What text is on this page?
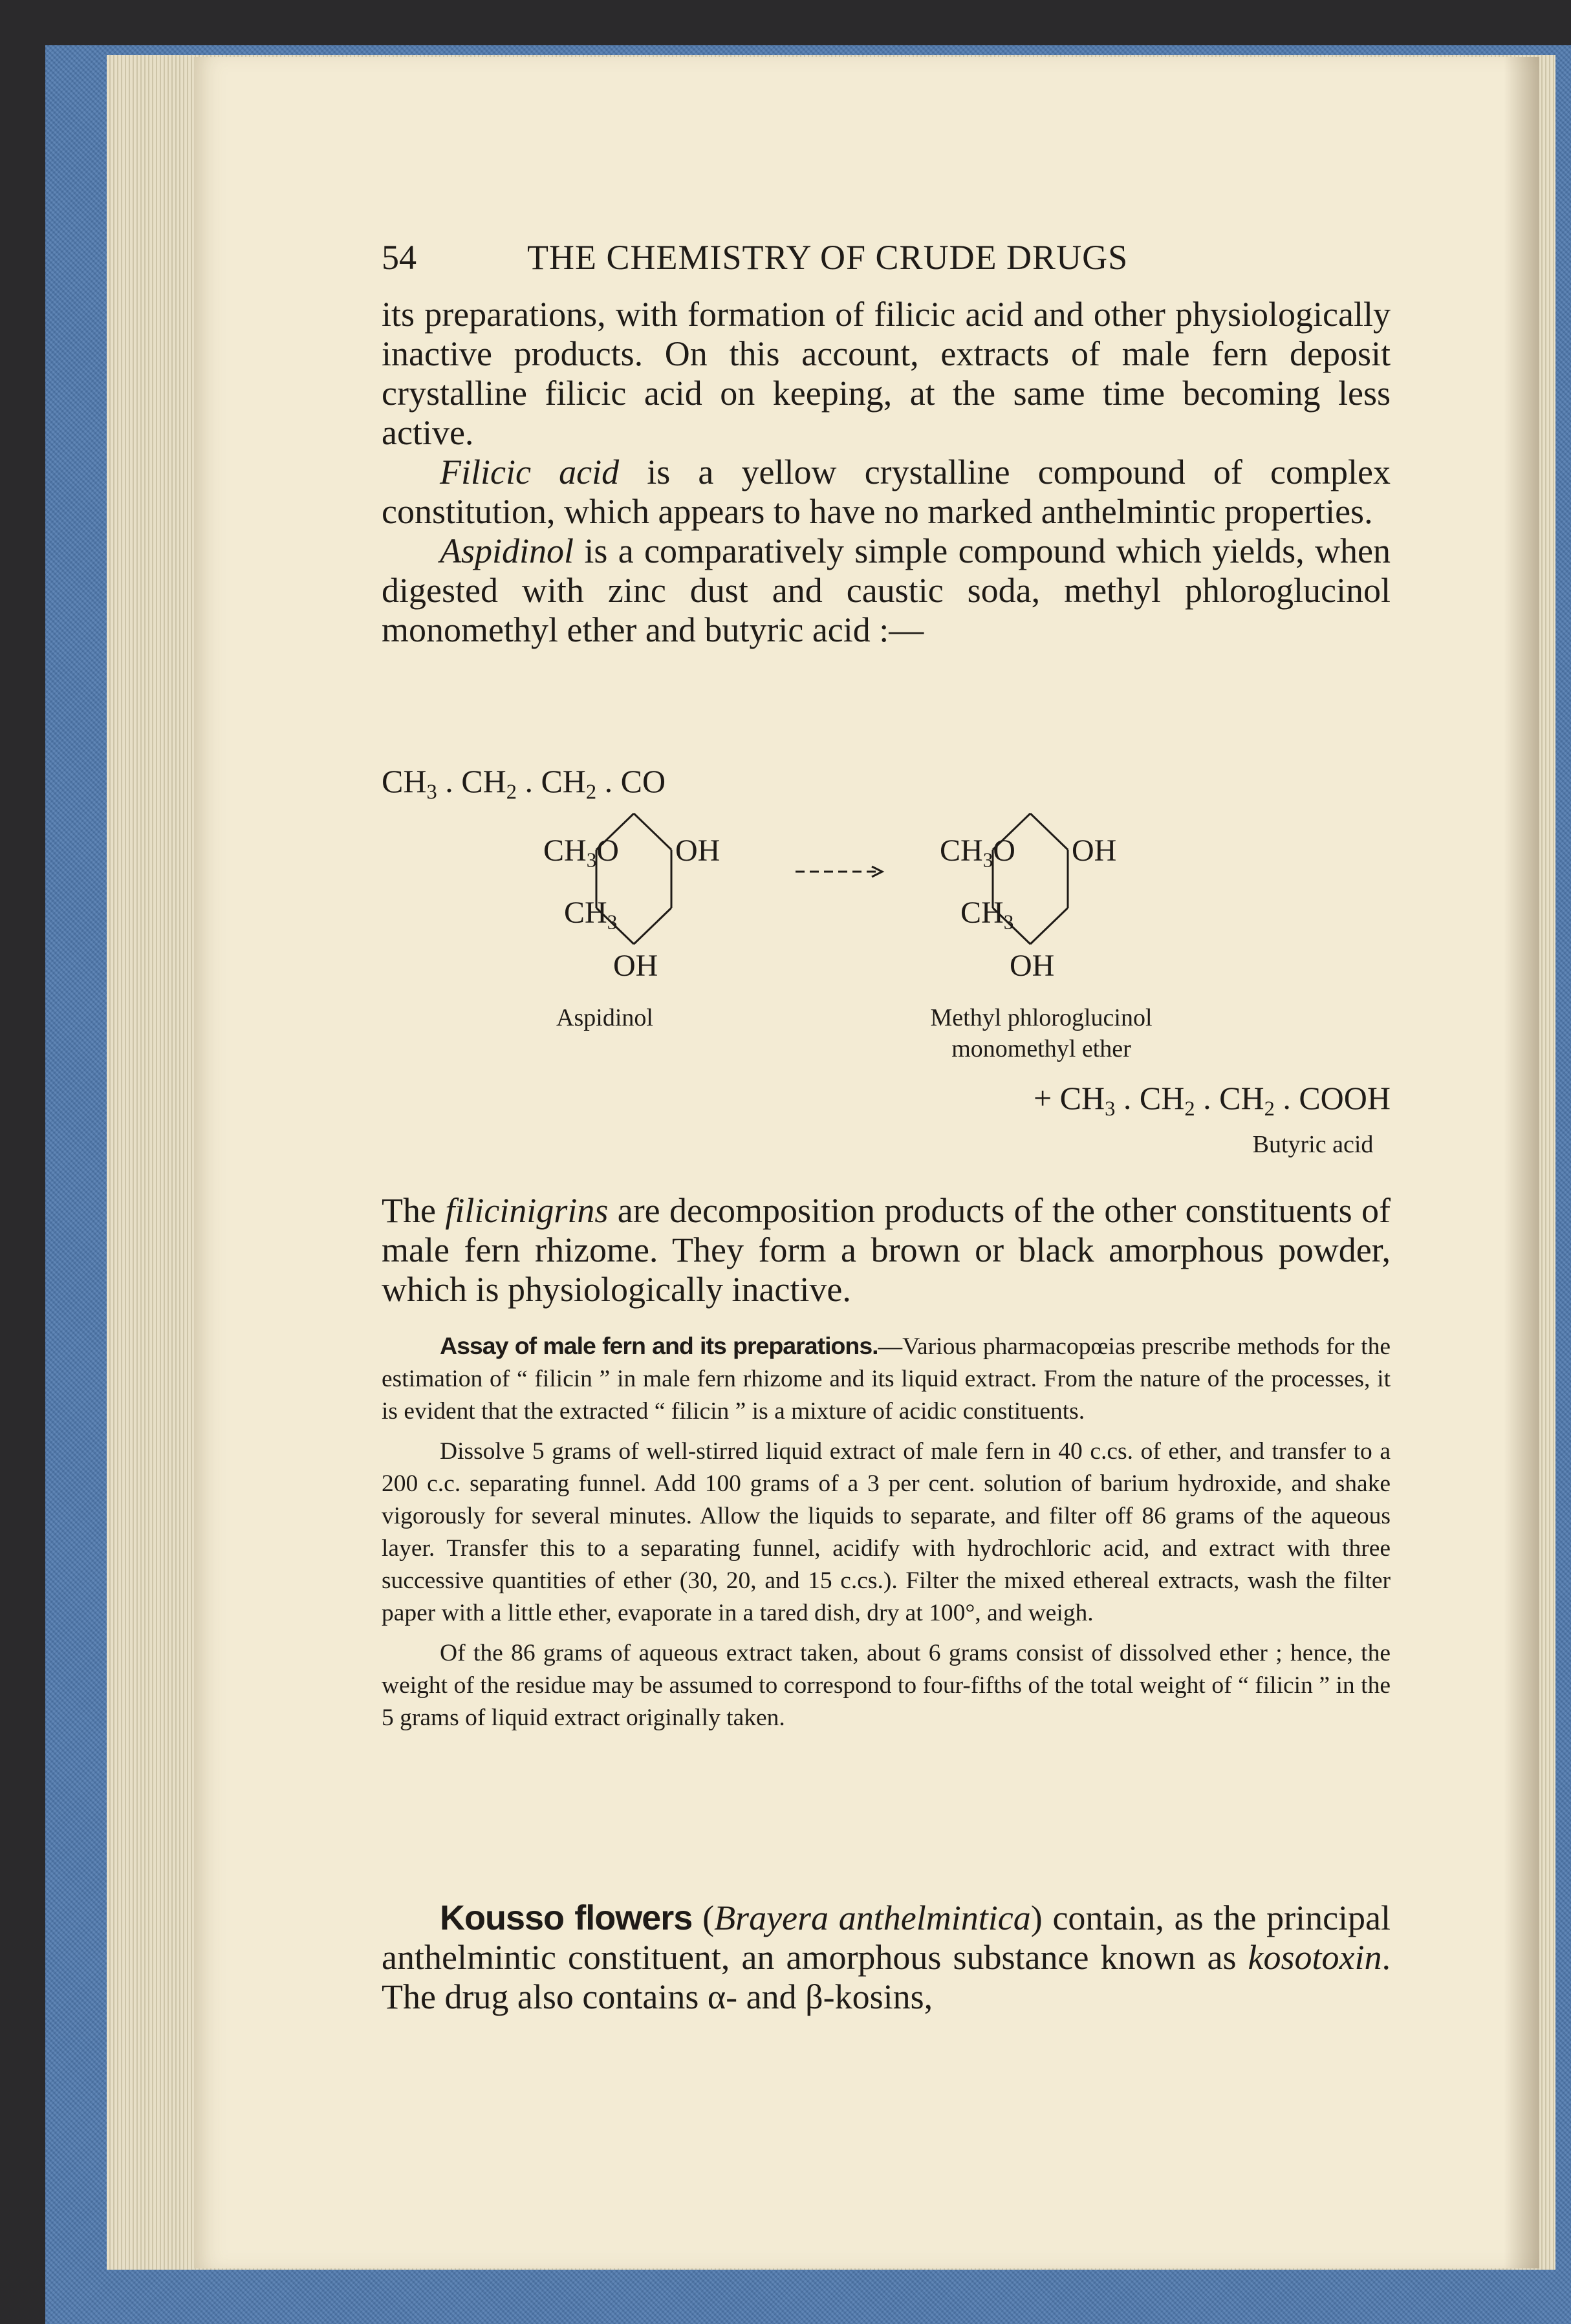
54	THE CHEMISTRY OF CRUDE DRUGS

its preparations, with formation of filicic acid and other physiologically inactive products. On this account, extracts of male fern deposit crystalline filicic acid on keeping, at the same time becoming less active.

Filicic acid is a yellow crystalline compound of complex constitution, which appears to have no marked anthelmintic properties.

Aspidinol is a comparatively simple compound which yields, when digested with zinc dust and caustic soda, methyl phloroglucinol monomethyl ether and butyric acid :—

$CH_3$ . $CH_2$ . $CH_2$ . CO
$CH_3O$ OH
$CH_3$
OH
Aspidinol
$CH_3O$ OH
$CH_3$
OH
Methyl phloroglucinol
monomethyl ether
+ $CH_3$ . $CH_2$ . $CH_2$ . COOH
Butyric acid

The filicinigrins are decomposition products of the other constituents of male fern rhizome. They form a brown or black amorphous powder, which is physiologically inactive.

Assay of male fern and its preparations.—Various pharmacopœias prescribe methods for the estimation of “ filicin ” in male fern rhizome and its liquid extract. From the nature of the processes, it is evident that the extracted “ filicin ” is a mixture of acidic constituents.

Dissolve 5 grams of well-stirred liquid extract of male fern in 40 c.cs. of ether, and transfer to a 200 c.c. separating funnel. Add 100 grams of a 3 per cent. solution of barium hydroxide, and shake vigorously for several minutes. Allow the liquids to separate, and filter off 86 grams of the aqueous layer. Transfer this to a separating funnel, acidify with hydrochloric acid, and extract with three successive quantities of ether (30, 20, and 15 c.cs.). Filter the mixed ethereal extracts, wash the filter paper with a little ether, evaporate in a tared dish, dry at 100°, and weigh.

Of the 86 grams of aqueous extract taken, about 6 grams consist of dissolved ether ; hence, the weight of the residue may be assumed to correspond to four-fifths of the total weight of “ filicin ” in the 5 grams of liquid extract originally taken.

Kousso flowers (Brayera anthelmintica) contain, as the principal anthelmintic constituent, an amorphous substance known as kosotoxin. The drug also contains α- and β-kosins,
